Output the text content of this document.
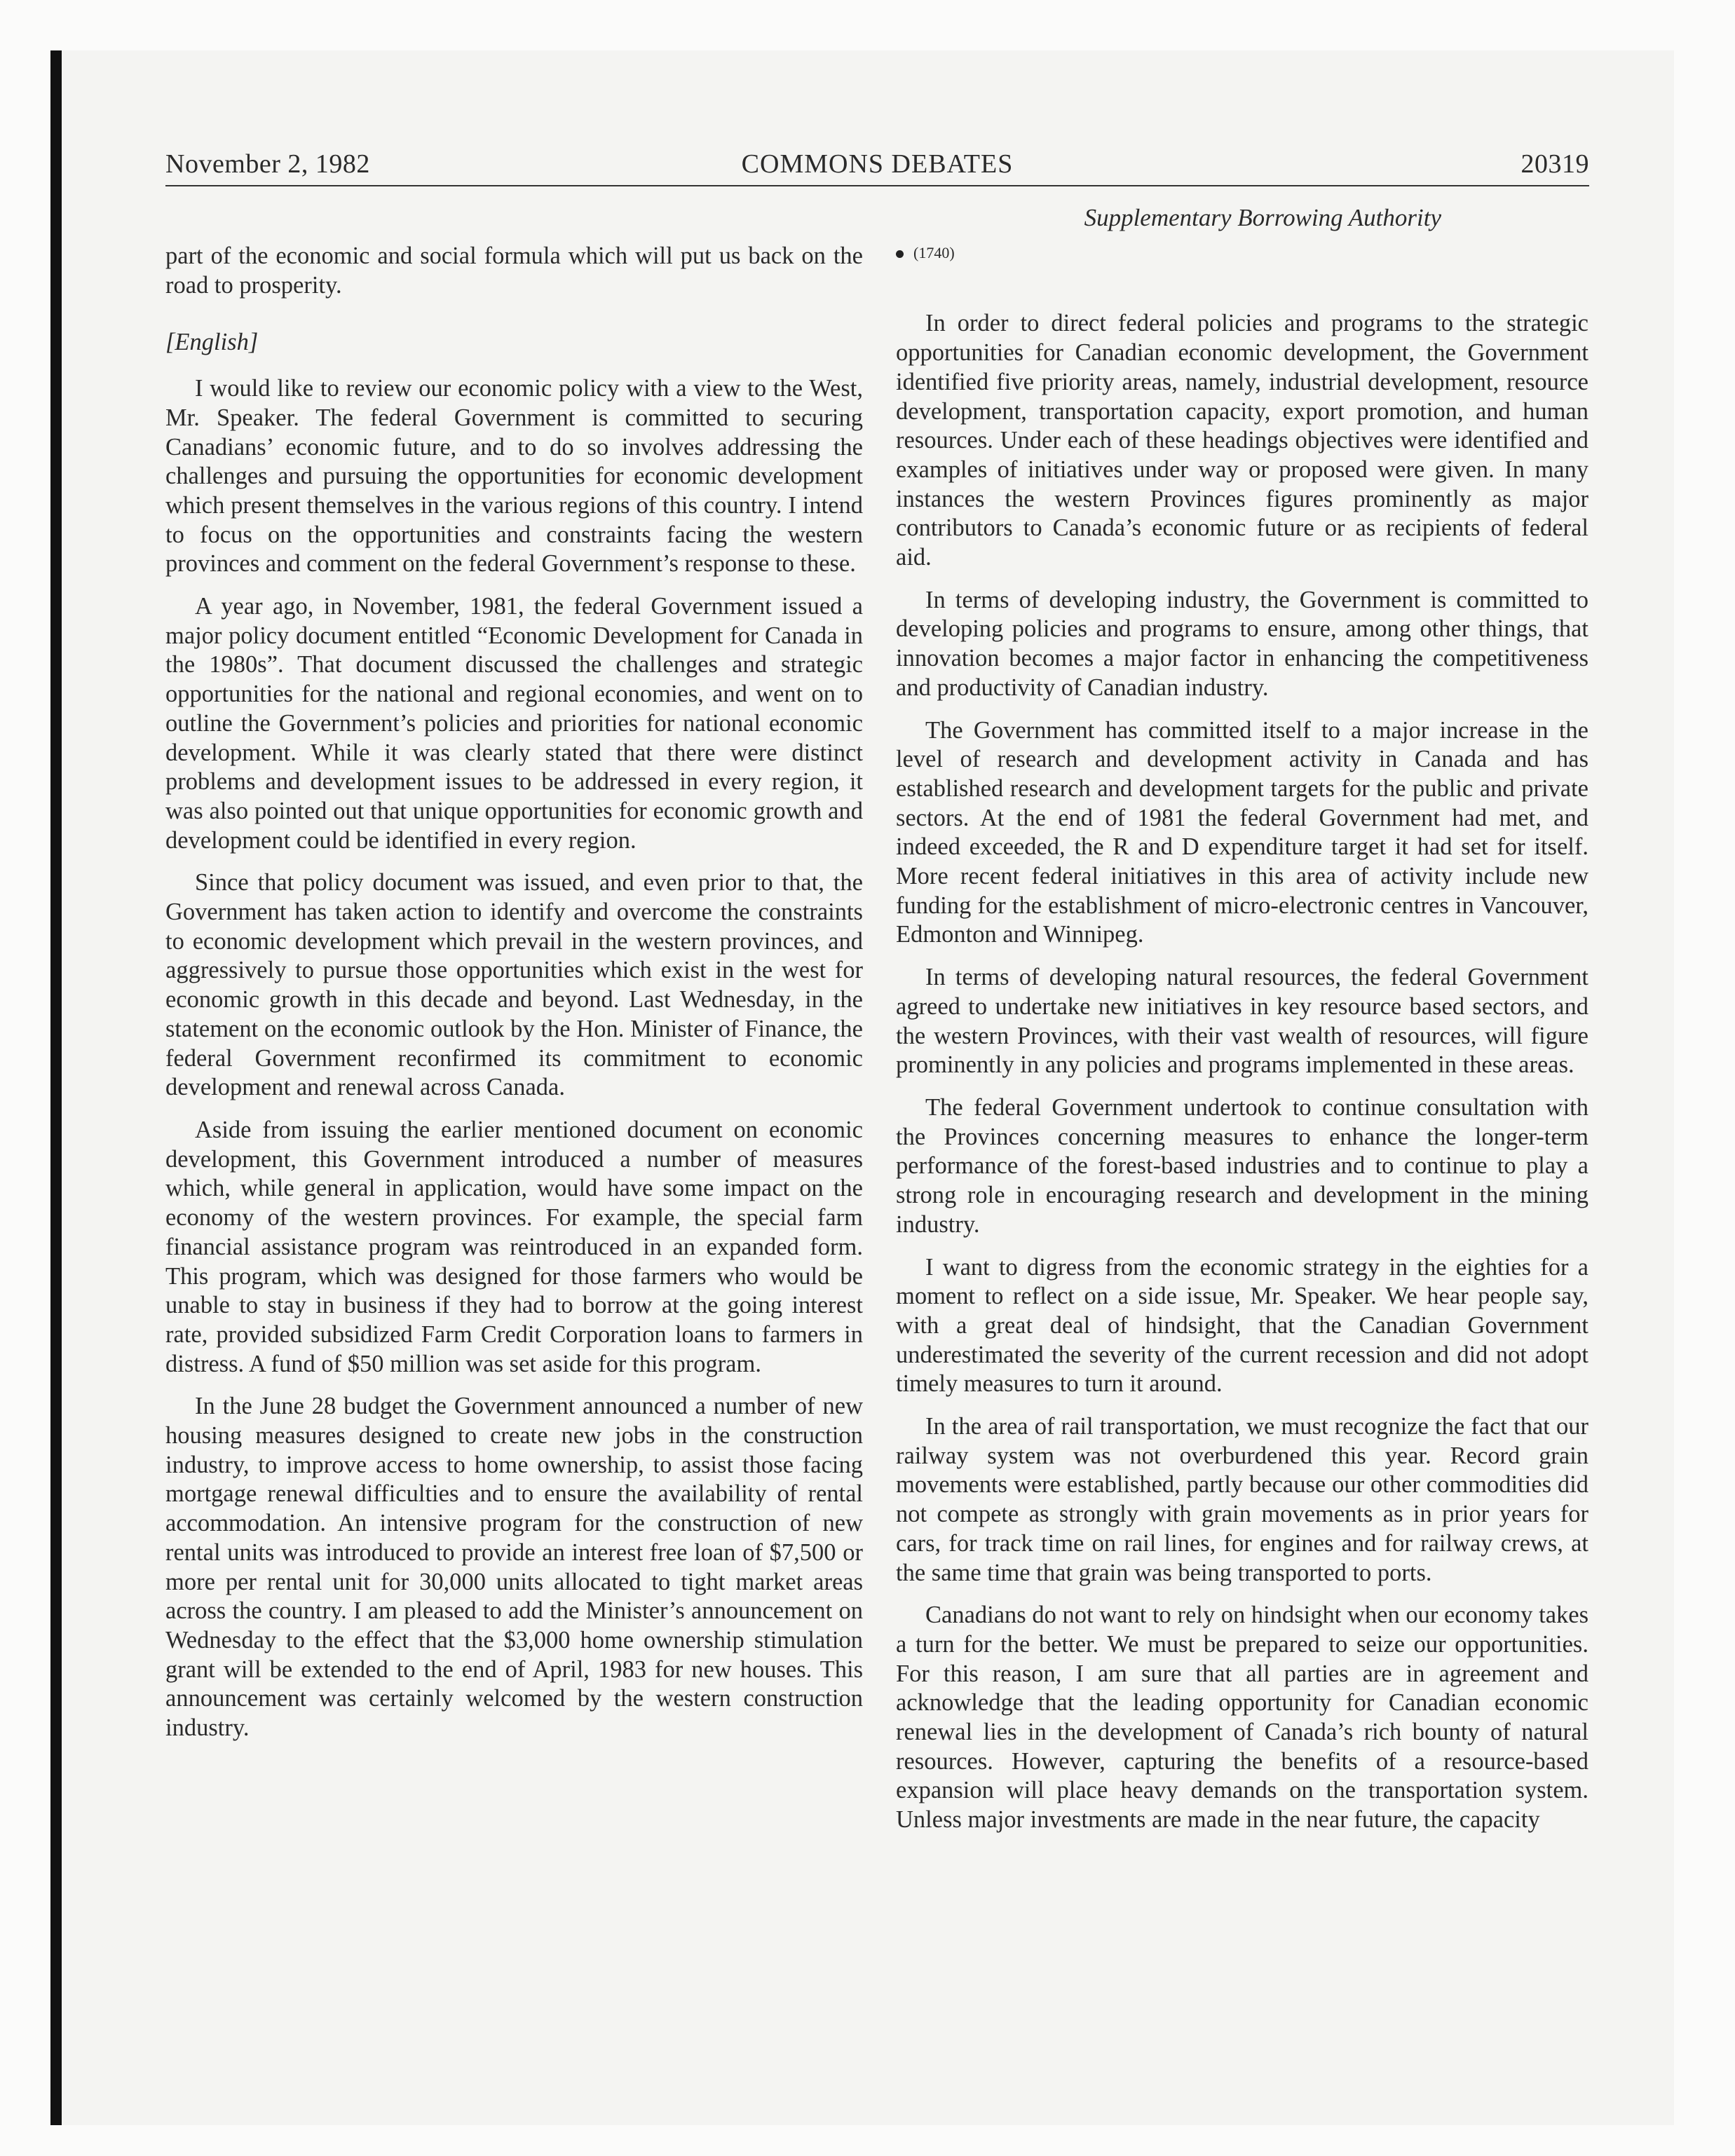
November 2, 1982	COMMONS DEBATES	20319

part of the economic and social formula which will put us back on the road to prosperity.

[English]

I would like to review our economic policy with a view to the West, Mr. Speaker. The federal Government is committed to securing Canadians’ economic future, and to do so involves addressing the challenges and pursuing the opportunities for economic development which present themselves in the various regions of this country. I intend to focus on the opportunities and constraints facing the western provinces and comment on the federal Government’s response to these.

A year ago, in November, 1981, the federal Government issued a major policy document entitled “Economic Development for Canada in the 1980s”. That document discussed the challenges and strategic opportunities for the national and regional economies, and went on to outline the Government’s policies and priorities for national economic development. While it was clearly stated that there were distinct problems and development issues to be addressed in every region, it was also pointed out that unique opportunities for economic growth and development could be identified in every region.

Since that policy document was issued, and even prior to that, the Government has taken action to identify and overcome the constraints to economic development which prevail in the western provinces, and aggressively to pursue those opportunities which exist in the west for economic growth in this decade and beyond. Last Wednesday, in the statement on the economic outlook by the Hon. Minister of Finance, the federal Government reconfirmed its commitment to economic development and renewal across Canada.

Aside from issuing the earlier mentioned document on economic development, this Government introduced a number of measures which, while general in application, would have some impact on the economy of the western provinces. For example, the special farm financial assistance program was reintroduced in an expanded form. This program, which was designed for those farmers who would be unable to stay in business if they had to borrow at the going interest rate, provided subsidized Farm Credit Corporation loans to farmers in distress. A fund of $50 million was set aside for this program.

In the June 28 budget the Government announced a number of new housing measures designed to create new jobs in the construction industry, to improve access to home ownership, to assist those facing mortgage renewal difficulties and to ensure the availability of rental accommodation. An intensive program for the construction of new rental units was introduced to provide an interest free loan of $7,500 or more per rental unit for 30,000 units allocated to tight market areas across the country. I am pleased to add the Minister’s announcement on Wednesday to the effect that the $3,000 home ownership stimulation grant will be extended to the end of April, 1983 for new houses. This announcement was certainly welcomed by the western construction industry.

Supplementary Borrowing Authority
(1740)

In order to direct federal policies and programs to the strategic opportunities for Canadian economic development, the Government identified five priority areas, namely, industrial development, resource development, transportation capacity, export promotion, and human resources. Under each of these headings objectives were identified and examples of initiatives under way or proposed were given. In many instances the western Provinces figures prominently as major contributors to Canada’s economic future or as recipients of federal aid.

In terms of developing industry, the Government is committed to developing policies and programs to ensure, among other things, that innovation becomes a major factor in enhancing the competitiveness and productivity of Canadian industry.

The Government has committed itself to a major increase in the level of research and development activity in Canada and has established research and development targets for the public and private sectors. At the end of 1981 the federal Government had met, and indeed exceeded, the R and D expenditure target it had set for itself. More recent federal initiatives in this area of activity include new funding for the establishment of micro-electronic centres in Vancouver, Edmonton and Winnipeg.

In terms of developing natural resources, the federal Government agreed to undertake new initiatives in key resource based sectors, and the western Provinces, with their vast wealth of resources, will figure prominently in any policies and programs implemented in these areas.

The federal Government undertook to continue consultation with the Provinces concerning measures to enhance the longer-term performance of the forest-based industries and to continue to play a strong role in encouraging research and development in the mining industry.

I want to digress from the economic strategy in the eighties for a moment to reflect on a side issue, Mr. Speaker. We hear people say, with a great deal of hindsight, that the Canadian Government underestimated the severity of the current recession and did not adopt timely measures to turn it around.

In the area of rail transportation, we must recognize the fact that our railway system was not overburdened this year. Record grain movements were established, partly because our other commodities did not compete as strongly with grain movements as in prior years for cars, for track time on rail lines, for engines and for railway crews, at the same time that grain was being transported to ports.

Canadians do not want to rely on hindsight when our economy takes a turn for the better. We must be prepared to seize our opportunities. For this reason, I am sure that all parties are in agreement and acknowledge that the leading opportunity for Canadian economic renewal lies in the development of Canada’s rich bounty of natural resources. However, capturing the benefits of a resource-based expansion will place heavy demands on the transportation system. Unless major investments are made in the near future, the capacity
